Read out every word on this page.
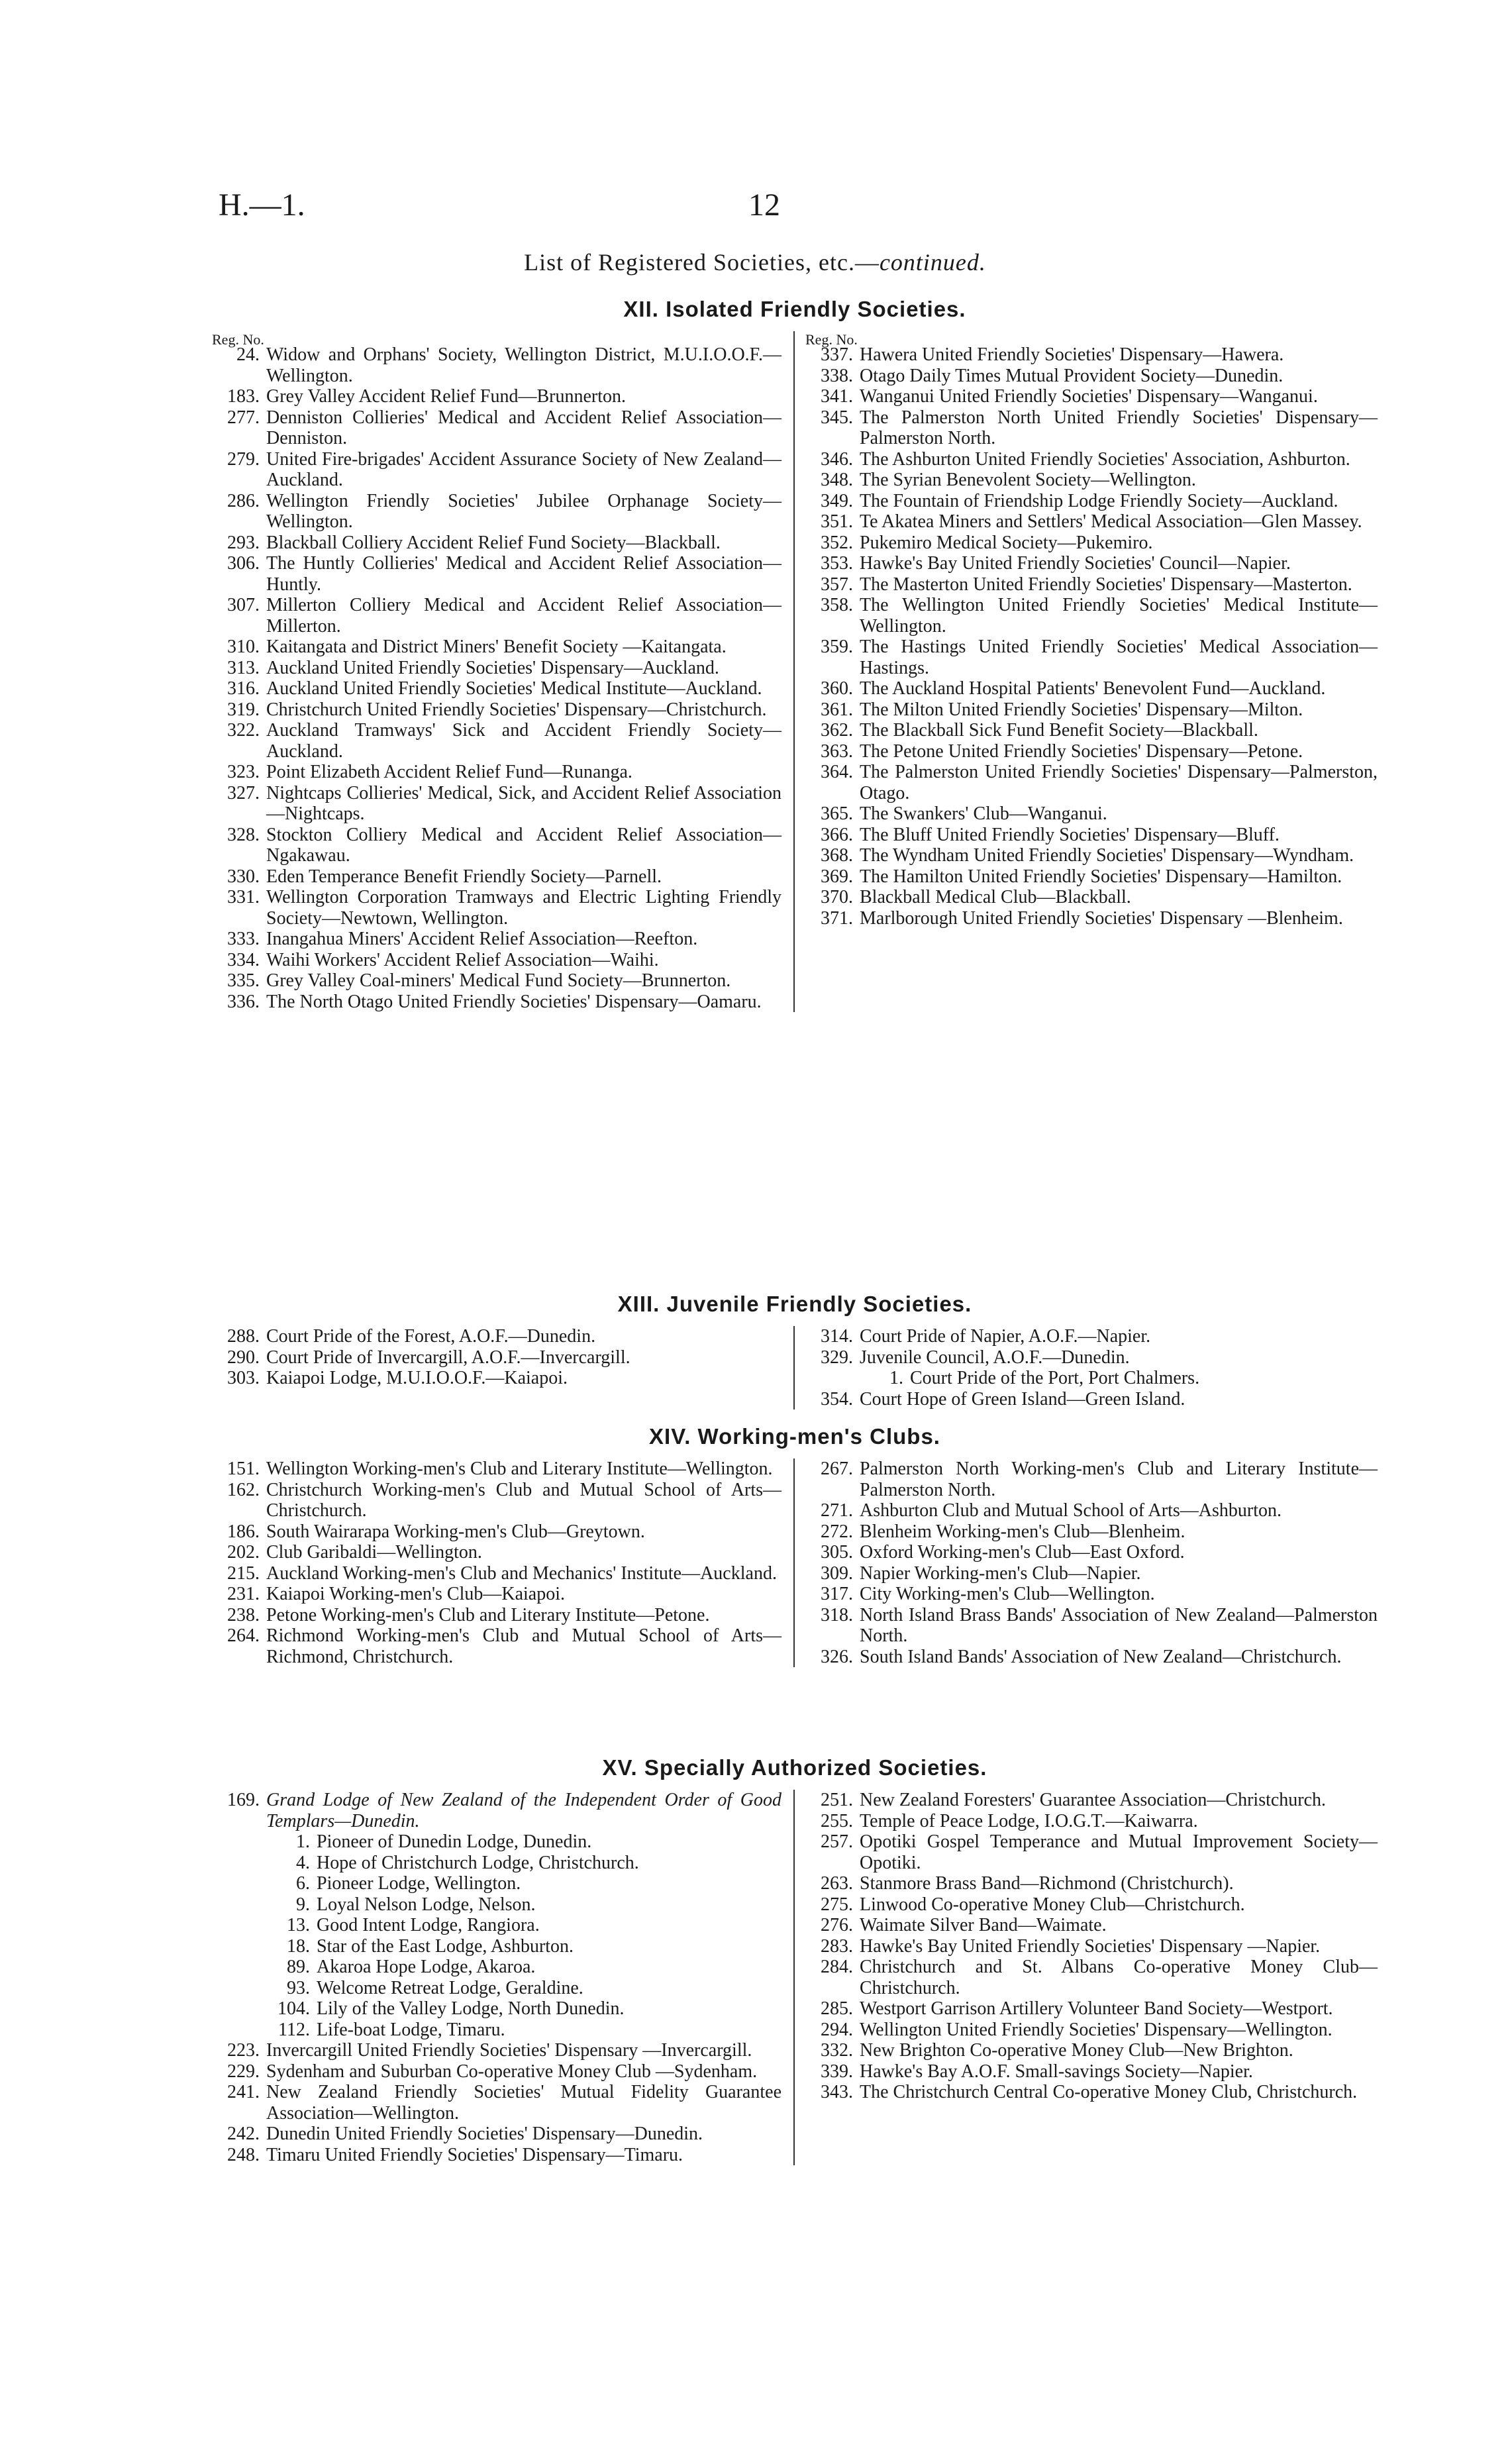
H.—1.	12
List of Registered Societies, etc.—continued.
XII. Isolated Friendly Societies.
Reg. No.
24. Widow and Orphans' Society, Wellington District, M.U.I.O.O.F.—Wellington.
183. Grey Valley Accident Relief Fund—Brunnerton.
277. Denniston Collieries' Medical and Accident Relief Association—Denniston.
279. United Fire-brigades' Accident Assurance Society of New Zealand—Auckland.
286. Wellington Friendly Societies' Jubilee Orphanage Society—Wellington.
293. Blackball Colliery Accident Relief Fund Society—Blackball.
306. The Huntly Collieries' Medical and Accident Relief Association—Huntly.
307. Millerton Colliery Medical and Accident Relief Association—Millerton.
310. Kaitangata and District Miners' Benefit Society —Kaitangata.
313. Auckland United Friendly Societies' Dispensary—Auckland.
316. Auckland United Friendly Societies' Medical Institute—Auckland.
319. Christchurch United Friendly Societies' Dispensary—Christchurch.
322. Auckland Tramways' Sick and Accident Friendly Society—Auckland.
323. Point Elizabeth Accident Relief Fund—Runanga.
327. Nightcaps Collieries' Medical, Sick, and Accident Relief Association—Nightcaps.
328. Stockton Colliery Medical and Accident Relief Association—Ngakawau.
330. Eden Temperance Benefit Friendly Society—Parnell.
331. Wellington Corporation Tramways and Electric Lighting Friendly Society—Newtown, Wellington.
333. Inangahua Miners' Accident Relief Association—Reefton.
334. Waihi Workers' Accident Relief Association—Waihi.
335. Grey Valley Coal-miners' Medical Fund Society—Brunnerton.
336. The North Otago United Friendly Societies' Dispensary—Oamaru.
Reg. No.
337. Hawera United Friendly Societies' Dispensary—Hawera.
338. Otago Daily Times Mutual Provident Society—Dunedin.
341. Wanganui United Friendly Societies' Dispensary—Wanganui.
345. The Palmerston North United Friendly Societies' Dispensary—Palmerston North.
346. The Ashburton United Friendly Societies' Association, Ashburton.
348. The Syrian Benevolent Society—Wellington.
349. The Fountain of Friendship Lodge Friendly Society—Auckland.
351. Te Akatea Miners and Settlers' Medical Association—Glen Massey.
352. Pukemiro Medical Society—Pukemiro.
353. Hawke's Bay United Friendly Societies' Council—Napier.
357. The Masterton United Friendly Societies' Dispensary—Masterton.
358. The Wellington United Friendly Societies' Medical Institute—Wellington.
359. The Hastings United Friendly Societies' Medical Association—Hastings.
360. The Auckland Hospital Patients' Benevolent Fund—Auckland.
361. The Milton United Friendly Societies' Dispensary—Milton.
362. The Blackball Sick Fund Benefit Society—Blackball.
363. The Petone United Friendly Societies' Dispensary—Petone.
364. The Palmerston United Friendly Societies' Dispensary—Palmerston, Otago.
365. The Swankers' Club—Wanganui.
366. The Bluff United Friendly Societies' Dispensary—Bluff.
368. The Wyndham United Friendly Societies' Dispensary—Wyndham.
369. The Hamilton United Friendly Societies' Dispensary—Hamilton.
370. Blackball Medical Club—Blackball.
371. Marlborough United Friendly Societies' Dispensary —Blenheim.
XIII. Juvenile Friendly Societies.
288. Court Pride of the Forest, A.O.F.—Dunedin.
290. Court Pride of Invercargill, A.O.F.—Invercargill.
303. Kaiapoi Lodge, M.U.I.O.O.F.—Kaiapoi.
314. Court Pride of Napier, A.O.F.—Napier.
329. Juvenile Council, A.O.F.—Dunedin.
1. Court Pride of the Port, Port Chalmers.
354. Court Hope of Green Island—Green Island.
XIV. Working-men's Clubs.
151. Wellington Working-men's Club and Literary Institute—Wellington.
162. Christchurch Working-men's Club and Mutual School of Arts—Christchurch.
186. South Wairarapa Working-men's Club—Greytown.
202. Club Garibaldi—Wellington.
215. Auckland Working-men's Club and Mechanics' Institute—Auckland.
231. Kaiapoi Working-men's Club—Kaiapoi.
238. Petone Working-men's Club and Literary Institute—Petone.
264. Richmond Working-men's Club and Mutual School of Arts—Richmond, Christchurch.
267. Palmerston North Working-men's Club and Literary Institute—Palmerston North.
271. Ashburton Club and Mutual School of Arts—Ashburton.
272. Blenheim Working-men's Club—Blenheim.
305. Oxford Working-men's Club—East Oxford.
309. Napier Working-men's Club—Napier.
317. City Working-men's Club—Wellington.
318. North Island Brass Bands' Association of New Zealand—Palmerston North.
326. South Island Bands' Association of New Zealand—Christchurch.
XV. Specially Authorized Societies.
169. Grand Lodge of New Zealand of the Independent Order of Good Templars—Dunedin.
1. Pioneer of Dunedin Lodge, Dunedin.
4. Hope of Christchurch Lodge, Christchurch.
6. Pioneer Lodge, Wellington.
9. Loyal Nelson Lodge, Nelson.
13. Good Intent Lodge, Rangiora.
18. Star of the East Lodge, Ashburton.
89. Akaroa Hope Lodge, Akaroa.
93. Welcome Retreat Lodge, Geraldine.
104. Lily of the Valley Lodge, North Dunedin.
112. Life-boat Lodge, Timaru.
223. Invercargill United Friendly Societies' Dispensary —Invercargill.
229. Sydenham and Suburban Co-operative Money Club —Sydenham.
241. New Zealand Friendly Societies' Mutual Fidelity Guarantee Association—Wellington.
242. Dunedin United Friendly Societies' Dispensary—Dunedin.
248. Timaru United Friendly Societies' Dispensary—Timaru.
251. New Zealand Foresters' Guarantee Association—Christchurch.
255. Temple of Peace Lodge, I.O.G.T.—Kaiwarra.
257. Opotiki Gospel Temperance and Mutual Improvement Society—Opotiki.
263. Stanmore Brass Band—Richmond (Christchurch).
275. Linwood Co-operative Money Club—Christchurch.
276. Waimate Silver Band—Waimate.
283. Hawke's Bay United Friendly Societies' Dispensary —Napier.
284. Christchurch and St. Albans Co-operative Money Club—Christchurch.
285. Westport Garrison Artillery Volunteer Band Society—Westport.
294. Wellington United Friendly Societies' Dispensary—Wellington.
332. New Brighton Co-operative Money Club—New Brighton.
339. Hawke's Bay A.O.F. Small-savings Society—Napier.
343. The Christchurch Central Co-operative Money Club, Christchurch.
